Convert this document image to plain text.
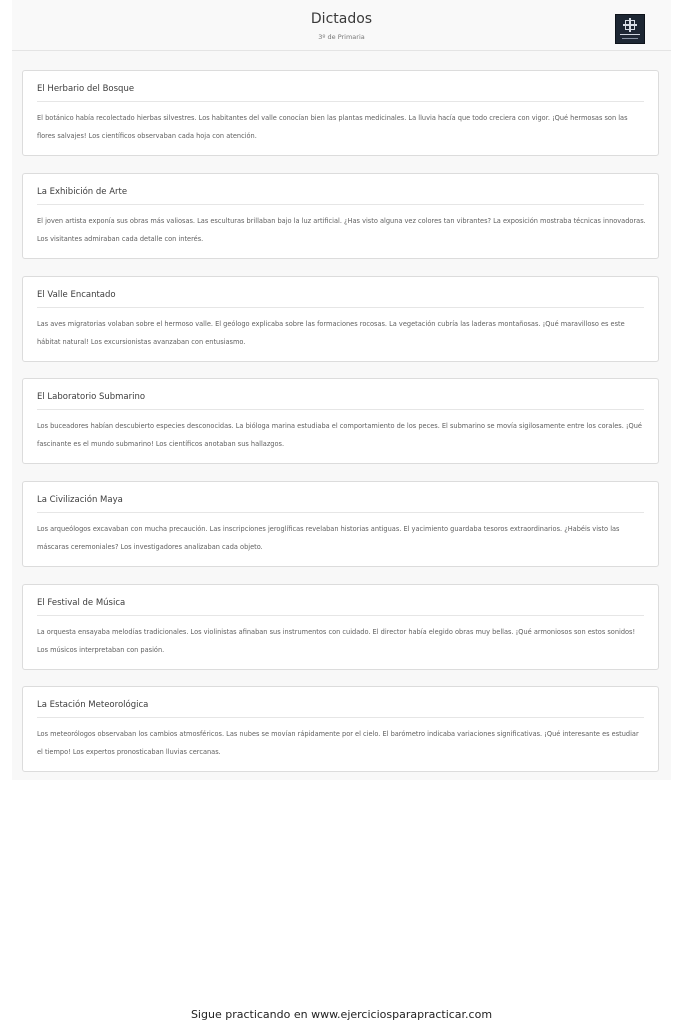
Dictados
3º de Primaria
El Herbario del Bosque
El botánico había recolectado hierbas silvestres. Los habitantes del valle conocían bien las plantas medicinales. La lluvia hacía que todo creciera con vigor. ¡Qué hermosas son las flores salvajes! Los científicos observaban cada hoja con atención.
La Exhibición de Arte
El joven artista exponía sus obras más valiosas. Las esculturas brillaban bajo la luz artificial. ¿Has visto alguna vez colores tan vibrantes? La exposición mostraba técnicas innovadoras. Los visitantes admiraban cada detalle con interés.
El Valle Encantado
Las aves migratorias volaban sobre el hermoso valle. El geólogo explicaba sobre las formaciones rocosas. La vegetación cubría las laderas montañosas. ¡Qué maravilloso es este hábitat natural! Los excursionistas avanzaban con entusiasmo.
El Laboratorio Submarino
Los buceadores habían descubierto especies desconocidas. La bióloga marina estudiaba el comportamiento de los peces. El submarino se movía sigilosamente entre los corales. ¡Qué fascinante es el mundo submarino! Los científicos anotaban sus hallazgos.
La Civilización Maya
Los arqueólogos excavaban con mucha precaución. Las inscripciones jeroglíficas revelaban historias antiguas. El yacimiento guardaba tesoros extraordinarios. ¿Habéis visto las máscaras ceremoniales? Los investigadores analizaban cada objeto.
El Festival de Música
La orquesta ensayaba melodías tradicionales. Los violinistas afinaban sus instrumentos con cuidado. El director había elegido obras muy bellas. ¡Qué armoniosos son estos sonidos! Los músicos interpretaban con pasión.
La Estación Meteorológica
Los meteorólogos observaban los cambios atmosféricos. Las nubes se movían rápidamente por el cielo. El barómetro indicaba variaciones significativas. ¡Qué interesante es estudiar el tiempo! Los expertos pronosticaban lluvias cercanas.
Sigue practicando en www.ejerciciosparapracticar.com
